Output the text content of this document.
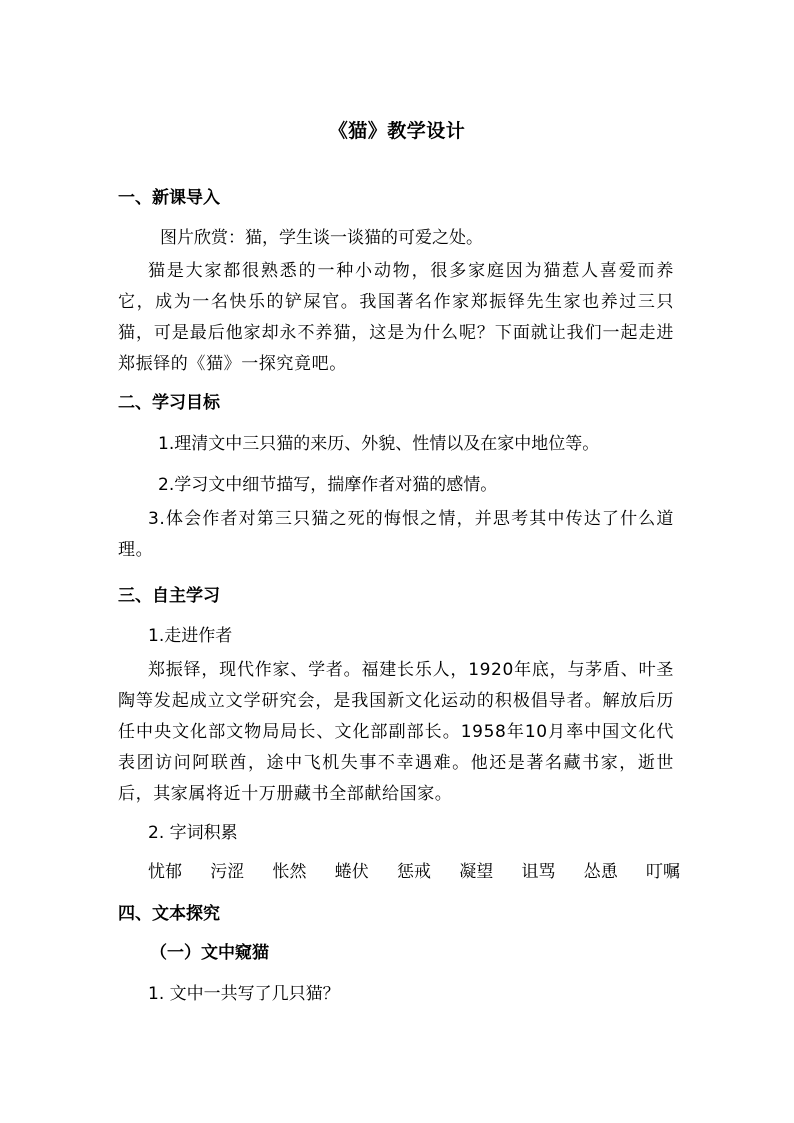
《猫》教学设计
一、新课导入
图片欣赏：猫，学生谈一谈猫的可爱之处。
猫是大家都很熟悉的一种小动物，很多家庭因为猫惹人喜爱而养它，成为一名快乐的铲屎官。我国著名作家郑振铎先生家也养过三只猫，可是最后他家却永不养猫，这是为什么呢？下面就让我们一起走进郑振铎的《猫》一探究竟吧。
二、学习目标
1.理清文中三只猫的来历、外貌、性情以及在家中地位等。
2.学习文中细节描写，揣摩作者对猫的感情。
3.体会作者对第三只猫之死的悔恨之情，并思考其中传达了什么道理。
三、自主学习
1.走进作者
郑振铎，现代作家、学者。福建长乐人，1920年底，与茅盾、叶圣陶等发起成立文学研究会，是我国新文化运动的积极倡导者。解放后历任中央文化部文物局局长、文化部副部长。1958年10月率中国文化代表团访问阿联酋，途中飞机失事不幸遇难。他还是著名藏书家，逝世后，其家属将近十万册藏书全部献给国家。
2. 字词积累
忧郁 污涩 怅然 蜷伏 惩戒 凝望 诅骂 怂恿 叮嘱
四、文本探究
（一）文中窥猫
1. 文中一共写了几只猫？
